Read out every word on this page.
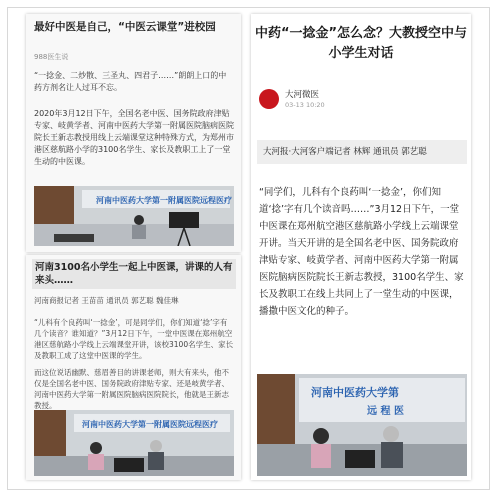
最好中医是自己，“中医云课堂”进校园
988医生说
“一捻金、二炒散、三圣丸、四君子……”朗朗上口的中药方剂名让人过耳不忘。
2020年3月12日下午，全国名老中医、国务院政府津贴专家、岐黄学者、河南中医药大学第一附属医院脑病医院院长王新志教授用线上云端课堂这种特殊方式，为郑州市港区慈航路小学的3100名学生、家长及教职工上了一堂生动的中医课。
河南中医药大学第一附属医院远程医疗
河南3100名小学生一起上中医课，讲课的人有来头……
河南商报记者 王苗苗 通讯员 郭艺聪 魏佳琳
“儿科有个良药叫‘一捻金’，可是同学们，你们知道‘捻’字有几个读音？谁知道？”3月12日下午，一堂中医课在郑州航空港区慈航路小学线上云端课堂开讲，该校3100名学生、家长及教职工成了这堂中医课的学生。
而这位说话幽默、慈眉善目的讲课老师，则大有来头，他不仅是全国名老中医、国务院政府津贴专家、还是岐黄学者、河南中医药大学第一附属医院脑病医院院长，他就是王新志教授。
河南中医药大学第一附属医院远程医疗
中药“一捻金”怎么念？大教授空中与小学生对话
大河微医
03-13 10:20
大河报·大河客户端记者 林辉 通讯员 郭艺聪
“同学们，儿科有个良药叫‘一捻金’，你们知道‘捻’字有几个读音吗……”3月12日下午，一堂中医课在郑州航空港区慈航路小学线上云端课堂开讲。当天开讲的是全国名老中医、国务院政府津贴专家、岐黄学者、河南中医药大学第一附属医院脑病医院院长王新志教授，3100名学生、家长及教职工在线上共同上了一堂生动的中医课，播撒中医文化的种子。
河南中医药大学第
远 程 医
